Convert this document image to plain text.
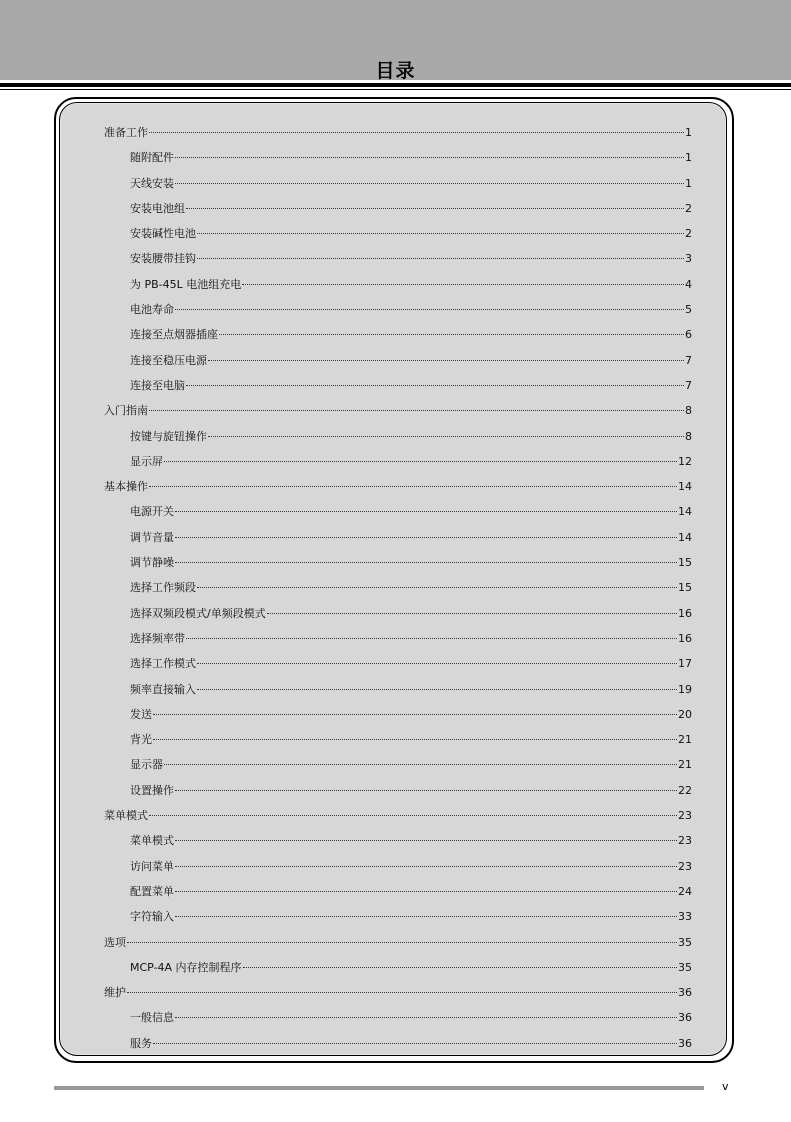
目录
准备工作	1
随附配件	1
天线安装	1
安装电池组	2
安装碱性电池	2
安装腰带挂钩	3
为 PB-45L 电池组充电	4
电池寿命	5
连接至点烟器插座	6
连接至稳压电源	7
连接至电脑	7
入门指南	8
按键与旋钮操作	8
显示屏	12
基本操作	14
电源开关	14
调节音量	14
调节静噪	15
选择工作频段	15
选择双频段模式/单频段模式	16
选择频率带	16
选择工作模式	17
频率直接输入	19
发送	20
背光	21
显示器	21
设置操作	22
菜单模式	23
菜单模式	23
访问菜单	23
配置菜单	24
字符输入	33
选项	35
MCP-4A 内存控制程序	35
维护	36
一般信息	36
服务	36
v
